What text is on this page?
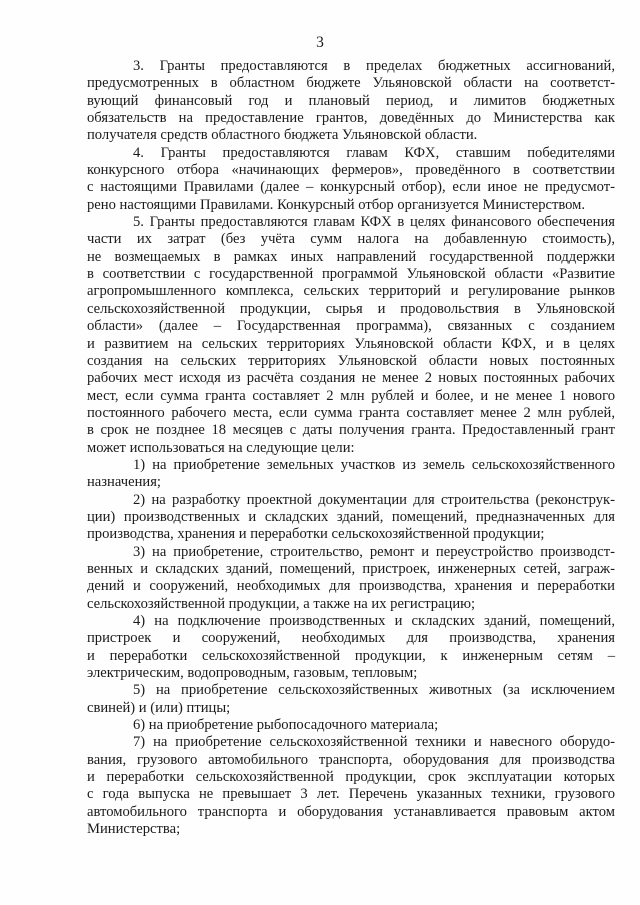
3
3. Гранты предоставляются в пределах бюджетных ассигнований,
предусмотренных в областном бюджете Ульяновской области на соответст-
вующий финансовый год и плановый период, и лимитов бюджетных
обязательств на предоставление грантов, доведённых до Министерства как
получателя средств областного бюджета Ульяновской области.
4. Гранты предоставляются главам КФХ, ставшим победителями
конкурсного отбора «начинающих фермеров», проведённого в соответствии
с настоящими Правилами (далее – конкурсный отбор), если иное не предусмот-
рено настоящими Правилами. Конкурсный отбор организуется Министерством.
5. Гранты предоставляются главам КФХ в целях финансового обеспечения
части их затрат (без учёта сумм налога на добавленную стоимость),
не возмещаемых в рамках иных направлений государственной поддержки
в соответствии с государственной программой Ульяновской области «Развитие
агропромышленного комплекса, сельских территорий и регулирование рынков
сельскохозяйственной продукции, сырья и продовольствия в Ульяновской
области» (далее – Государственная программа), связанных с созданием
и развитием на сельских территориях Ульяновской области КФХ, и в целях
создания на сельских территориях Ульяновской области новых постоянных
рабочих мест исходя из расчёта создания не менее 2 новых постоянных рабочих
мест, если сумма гранта составляет 2 млн рублей и более, и не менее 1 нового
постоянного рабочего места, если сумма гранта составляет менее 2 млн рублей,
в срок не позднее 18 месяцев с даты получения гранта. Предоставленный грант
может использоваться на следующие цели:
1) на приобретение земельных участков из земель сельскохозяйственного
назначения;
2) на разработку проектной документации для строительства (реконструк-
ции) производственных и складских зданий, помещений, предназначенных для
производства, хранения и переработки сельскохозяйственной продукции;
3) на приобретение, строительство, ремонт и переустройство производст-
венных и складских зданий, помещений, пристроек, инженерных сетей, заграж-
дений и сооружений, необходимых для производства, хранения и переработки
сельскохозяйственной продукции, а также на их регистрацию;
4) на подключение производственных и складских зданий, помещений,
пристроек и сооружений, необходимых для производства, хранения
и переработки сельскохозяйственной продукции, к инженерным сетям –
электрическим, водопроводным, газовым, тепловым;
5) на приобретение сельскохозяйственных животных (за исключением
свиней) и (или) птицы;
6) на приобретение рыбопосадочного материала;
7) на приобретение сельскохозяйственной техники и навесного оборудо-
вания, грузового автомобильного транспорта, оборудования для производства
и переработки сельскохозяйственной продукции, срок эксплуатации которых
с года выпуска не превышает 3 лет. Перечень указанных техники, грузового
автомобильного транспорта и оборудования устанавливается правовым актом
Министерства;
